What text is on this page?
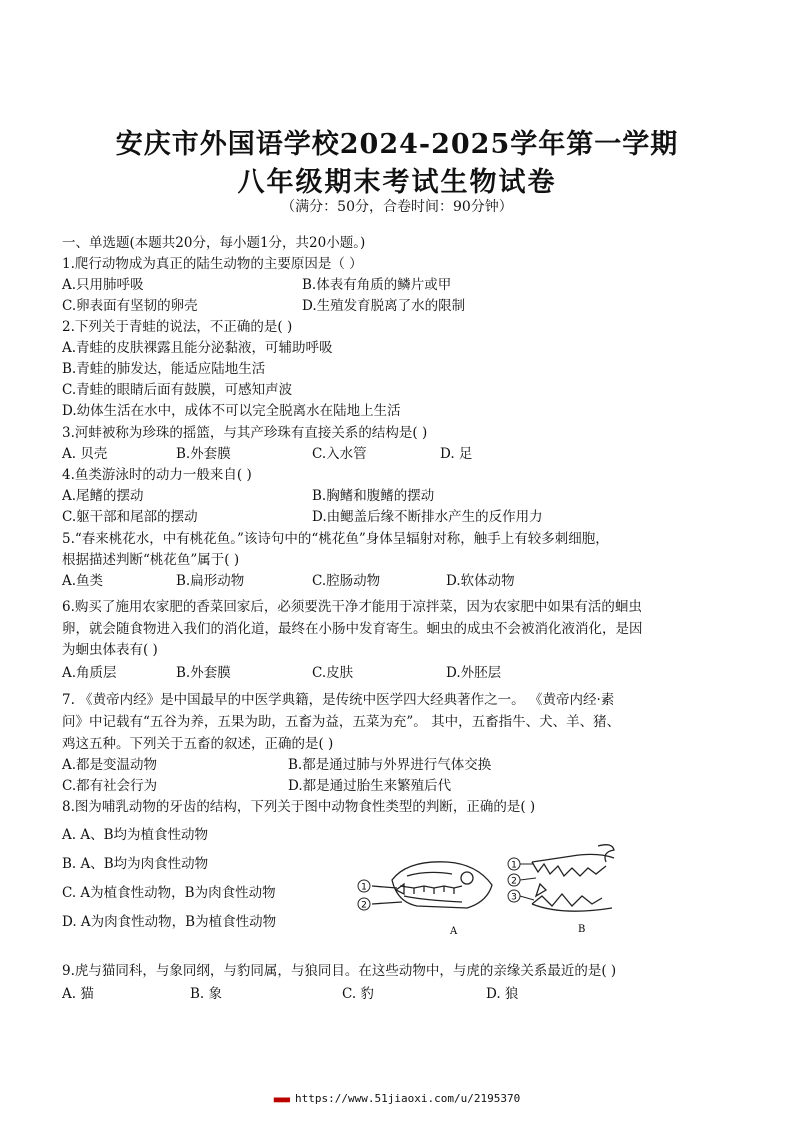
安庆市外国语学校2024-2025学年第一学期
八年级期末考试生物试卷
（满分：50分，合卷时间：90分钟）
一、单选题(本题共20分，每小题1分，共20小题。)
1.爬行动物成为真正的陆生动物的主要原因是（ ）
A.只用肺呼吸	B.体表有角质的鳞片或甲
C.卵表面有坚韧的卵壳	D.生殖发育脱离了水的限制
2.下列关于青蛙的说法，不正确的是( )
A.青蛙的皮肤裸露且能分泌黏液，可辅助呼吸
B.青蛙的肺发达，能适应陆地生活
C.青蛙的眼睛后面有鼓膜，可感知声波
D.幼体生活在水中，成体不可以完全脱离水在陆地上生活
3.河蚌被称为珍珠的摇篮，与其产珍珠有直接关系的结构是( )
A. 贝壳	B.外套膜	C.入水管	D. 足
4.鱼类游泳时的动力一般来自( )
A.尾鳍的摆动	B.胸鳍和腹鳍的摆动
C.躯干部和尾部的摆动	D.由鳃盖后缘不断排水产生的反作用力
5.“春来桃花水，中有桃花鱼。”该诗句中的“桃花鱼”身体呈辐射对称，触手上有较多刺细胞，
根据描述判断“桃花鱼”属于( )
A.鱼类	B.扁形动物	C.腔肠动物	D.软体动物
6.购买了施用农家肥的香菜回家后，必须要洗干净才能用于凉拌菜，因为农家肥中如果有活的蛔虫
卵，就会随食物进入我们的消化道，最终在小肠中发育寄生。蛔虫的成虫不会被消化液消化，是因
为蛔虫体表有( )
A.角质层	B.外套膜	C.皮肤	D.外胚层
7. 《黄帝内经》是中国最早的中医学典籍，是传统中医学四大经典著作之一。 《黄帝内经·素
问》中记载有“五谷为养，五果为助，五畜为益，五菜为充”。 其中，五畜指牛、犬、羊、猪、
鸡这五种。下列关于五畜的叙述，正确的是( )
A.都是变温动物	B.都是通过肺与外界进行气体交换
C.都有社会行为	D.都是通过胎生来繁殖后代
8.图为哺乳动物的牙齿的结构，下列关于图中动物食性类型的判断，正确的是( )
A. A、B均为植食性动物
B. A、B均为肉食性动物
C. A为植食性动物，B为肉食性动物
D. A为肉食性动物，B为植食性动物
1
2
A
1
2
3
B
9.虎与猫同科，与象同纲，与豹同属，与狼同目。在这些动物中，与虎的亲缘关系最近的是( )
A. 猫	B. 象	C. 豹	D. 狼
■■■■ https://www.51jiaoxi.com/u/2195370
